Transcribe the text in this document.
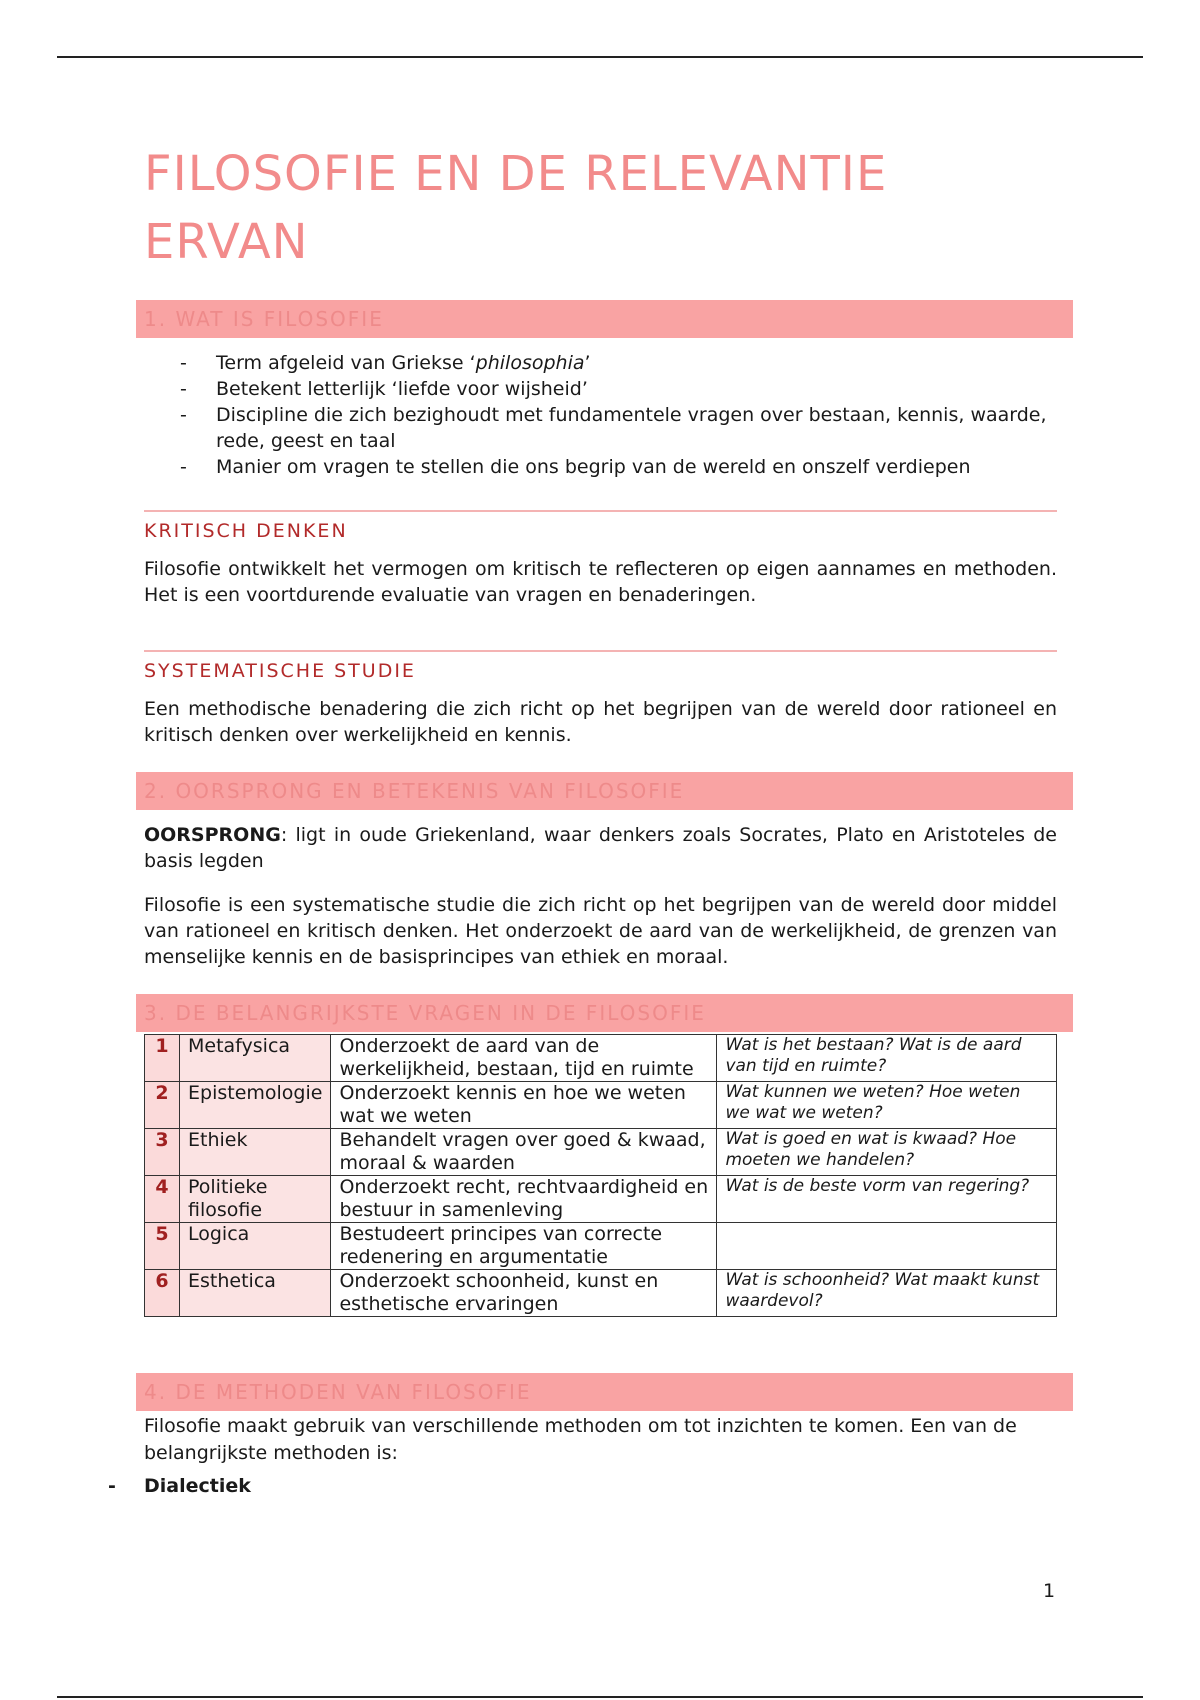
FILOSOFIE EN DE RELEVANTIE ERVAN
1. WAT IS FILOSOFIE
- Term afgeleid van Griekse ‘philosophia’
- Betekent letterlijk ‘liefde voor wijsheid’
- Discipline die zich bezighoudt met fundamentele vragen over bestaan, kennis, waarde, rede, geest en taal
- Manier om vragen te stellen die ons begrip van de wereld en onszelf verdiepen
KRITISCH DENKEN

Filosofie ontwikkelt het vermogen om kritisch te reflecteren op eigen aannames en methoden. Het is een voortdurende evaluatie van vragen en benaderingen.

SYSTEMATISCHE STUDIE

Een methodische benadering die zich richt op het begrijpen van de wereld door rationeel en kritisch denken over werkelijkheid en kennis.

2. OORSPRONG EN BETEKENIS VAN FILOSOFIE

OORSPRONG: ligt in oude Griekenland, waar denkers zoals Socrates, Plato en Aristoteles de basis legden

Filosofie is een systematische studie die zich richt op het begrijpen van de wereld door middel van rationeel en kritisch denken. Het onderzoekt de aard van de werkelijkheid, de grenzen van menselijke kennis en de basisprincipes van ethiek en moraal.

3. DE BELANGRIJKSTE VRAGEN IN DE FILOSOFIE
1	Metafysica	Onderzoekt de aard van de werkelijkheid, bestaan, tijd en ruimte	Wat is het bestaan? Wat is de aard van tijd en ruimte?
2	Epistemologie	Onderzoekt kennis en hoe we weten wat we weten	Wat kunnen we weten? Hoe weten we wat we weten?
3	Ethiek	Behandelt vragen over goed & kwaad, moraal & waarden	Wat is goed en wat is kwaad? Hoe moeten we handelen?
4	Politieke filosofie	Onderzoekt recht, rechtvaardigheid en bestuur in samenleving	Wat is de beste vorm van regering?
5	Logica	Bestudeert principes van correcte redenering en argumentatie	
6	Esthetica	Onderzoekt schoonheid, kunst en esthetische ervaringen	Wat is schoonheid? Wat maakt kunst waardevol?
4. DE METHODEN VAN FILOSOFIE

Filosofie maakt gebruik van verschillende methoden om tot inzichten te komen. Een van de belangrijkste methoden is:

- Dialectiek
1
